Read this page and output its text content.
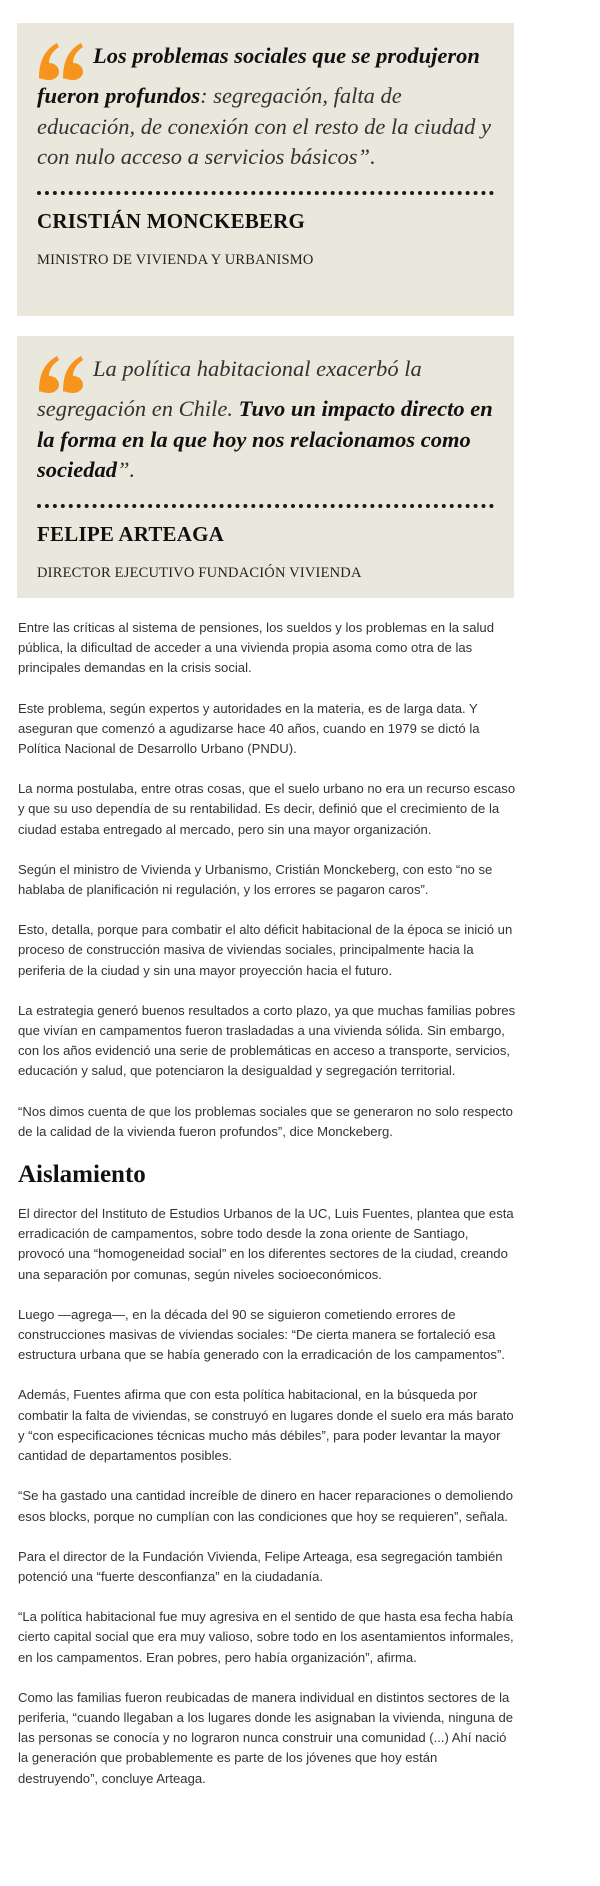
Los problemas sociales que se produjeron fueron profundos: segregación, falta de educación, de conexión con el resto de la ciudad y con nulo acceso a servicios básicos”.

CRISTIÁN MONCKEBERG
MINISTRO DE VIVIENDA Y URBANISMO

La política habitacional exacerbó la segregación en Chile. Tuvo un impacto directo en la forma en la que hoy nos relacionamos como sociedad”.

FELIPE ARTEAGA
DIRECTOR EJECUTIVO FUNDACIÓN VIVIENDA

Entre las críticas al sistema de pensiones, los sueldos y los problemas en la salud pública, la dificultad de acceder a una vivienda propia asoma como otra de las principales demandas en la crisis social.

Este problema, según expertos y autoridades en la materia, es de larga data. Y aseguran que comenzó a agudizarse hace 40 años, cuando en 1979 se dictó la Política Nacional de Desarrollo Urbano (PNDU).

La norma postulaba, entre otras cosas, que el suelo urbano no era un recurso escaso y que su uso dependía de su rentabilidad. Es decir, definió que el crecimiento de la ciudad estaba entregado al mercado, pero sin una mayor organización.

Según el ministro de Vivienda y Urbanismo, Cristián Monckeberg, con esto “no se hablaba de planificación ni regulación, y los errores se pagaron caros”.

Esto, detalla, porque para combatir el alto déficit habitacional de la época se inició un proceso de construcción masiva de viviendas sociales, principalmente hacia la periferia de la ciudad y sin una mayor proyección hacia el futuro.

La estrategia generó buenos resultados a corto plazo, ya que muchas familias pobres que vivían en campamentos fueron trasladadas a una vivienda sólida. Sin embargo, con los años evidenció una serie de problemáticas en acceso a transporte, servicios, educación y salud, que potenciaron la desigualdad y segregación territorial.

“Nos dimos cuenta de que los problemas sociales que se generaron no solo respecto de la calidad de la vivienda fueron profundos”, dice Monckeberg.

Aislamiento

El director del Instituto de Estudios Urbanos de la UC, Luis Fuentes, plantea que esta erradicación de campamentos, sobre todo desde la zona oriente de Santiago, provocó una “homogeneidad social” en los diferentes sectores de la ciudad, creando una separación por comunas, según niveles socioeconómicos.

Luego —agrega—, en la década del 90 se siguieron cometiendo errores de construcciones masivas de viviendas sociales: “De cierta manera se fortaleció esa estructura urbana que se había generado con la erradicación de los campamentos”.

Además, Fuentes afirma que con esta política habitacional, en la búsqueda por combatir la falta de viviendas, se construyó en lugares donde el suelo era más barato y “con especificaciones técnicas mucho más débiles”, para poder levantar la mayor cantidad de departamentos posibles.

“Se ha gastado una cantidad increíble de dinero en hacer reparaciones o demoliendo esos blocks, porque no cumplían con las condiciones que hoy se requieren”, señala.

Para el director de la Fundación Vivienda, Felipe Arteaga, esa segregación también potenció una “fuerte desconfianza” en la ciudadanía.

“La política habitacional fue muy agresiva en el sentido de que hasta esa fecha había cierto capital social que era muy valioso, sobre todo en los asentamientos informales, en los campamentos. Eran pobres, pero había organización”, afirma.

Como las familias fueron reubicadas de manera individual en distintos sectores de la periferia, “cuando llegaban a los lugares donde les asignaban la vivienda, ninguna de las personas se conocía y no lograron nunca construir una comunidad (...) Ahí nació la generación que probablemente es parte de los jóvenes que hoy están destruyendo”, concluye Arteaga.
